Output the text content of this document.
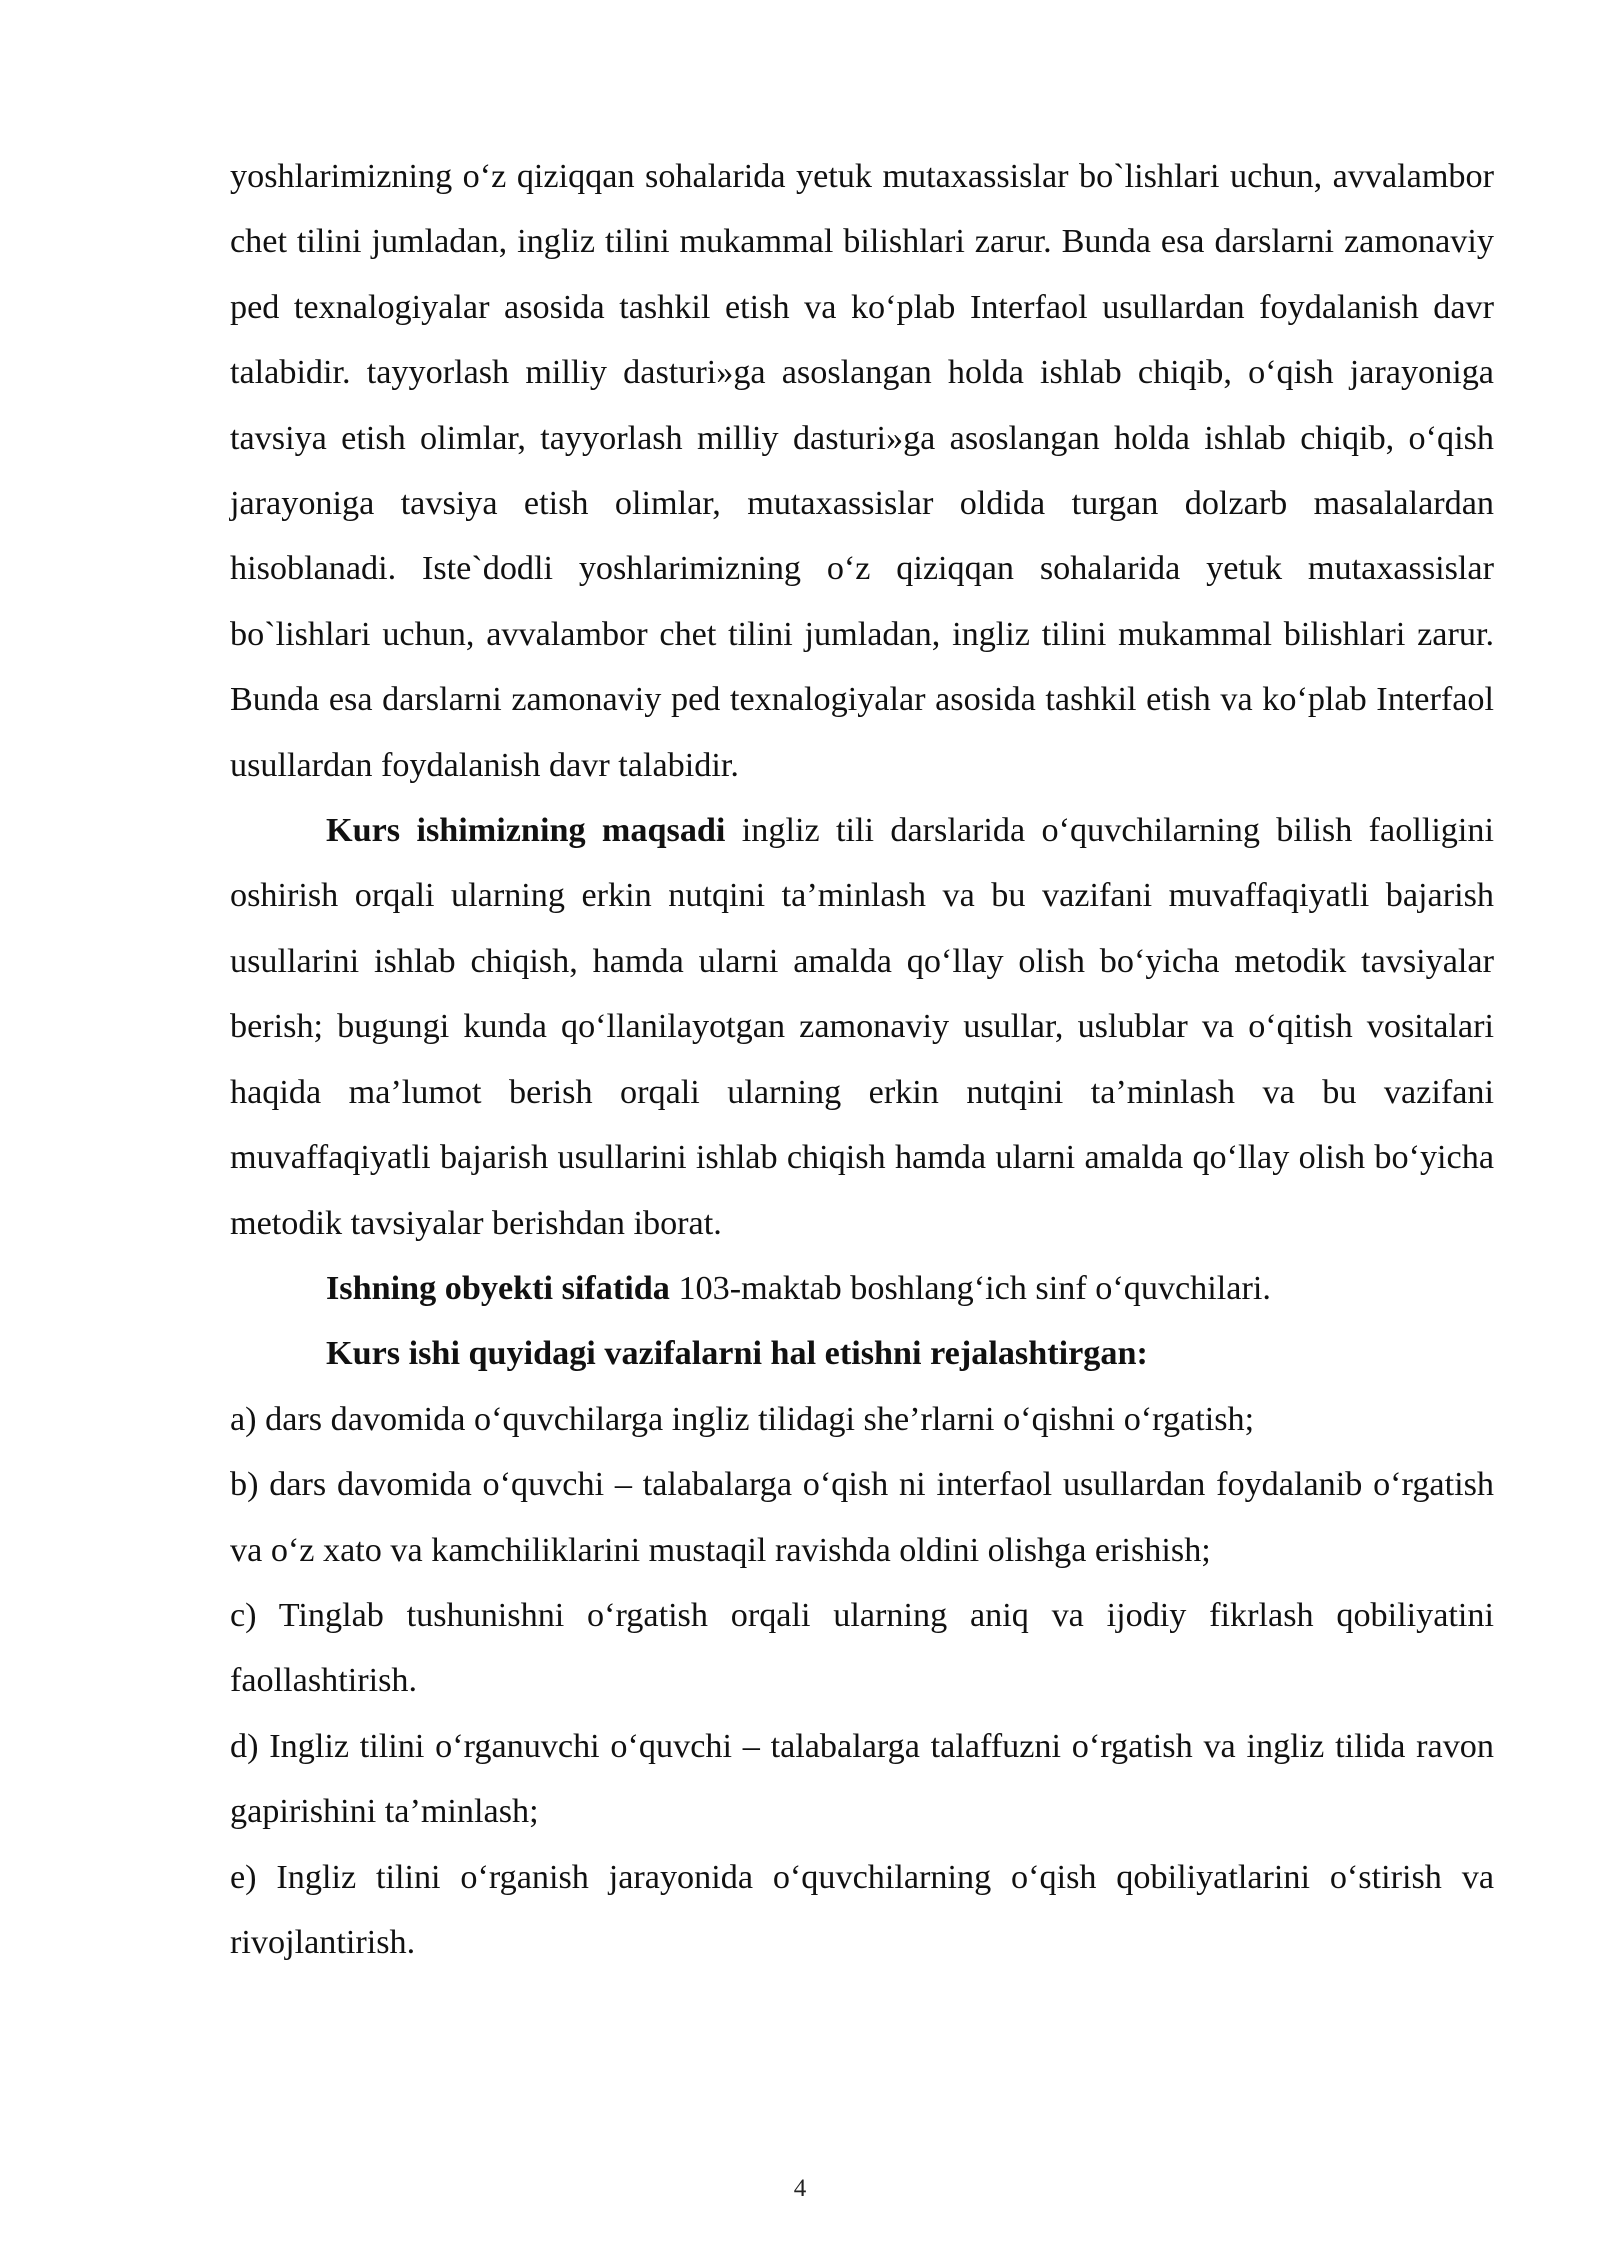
yoshlarimizning o‘z qiziqqan sohalarida yetuk mutaxassislar bo`lishlari uchun, avvalambor chet tilini jumladan, ingliz tilini mukammal bilishlari zarur. Bunda esa darslarni zamonaviy ped texnalogiyalar asosida tashkil etish va ko‘plab Interfaol usullardan foydalanish davr talabidir. tayyorlash milliy dasturi»ga asoslangan holda ishlab chiqib, o‘qish jarayoniga tavsiya etish olimlar, tayyorlash milliy dasturi»ga asoslangan holda ishlab chiqib, o‘qish jarayoniga tavsiya etish olimlar, mutaxassislar oldida turgan dolzarb masalalardan hisoblanadi. Iste`dodli yoshlarimizning o‘z qiziqqan sohalarida yetuk mutaxassislar bo`lishlari uchun, avvalambor chet tilini jumladan, ingliz tilini mukammal bilishlari zarur. Bunda esa darslarni zamonaviy ped texnalogiyalar asosida tashkil etish va ko‘plab Interfaol usullardan foydalanish davr talabidir.

Kurs ishimizning maqsadi ingliz tili darslarida o‘quvchilarning bilish faolligini oshirish orqali ularning erkin nutqini ta’minlash va bu vazifani muvaffaqiyatli bajarish usullarini ishlab chiqish, hamda ularni amalda qo‘llay olish bo‘yicha metodik tavsiyalar berish; bugungi kunda qo‘llanilayotgan zamonaviy usullar, uslublar va o‘qitish vositalari haqida ma’lumot berish orqali ularning erkin nutqini ta’minlash va bu vazifani muvaffaqiyatli bajarish usullarini ishlab chiqish hamda ularni amalda qo‘llay olish bo‘yicha metodik tavsiyalar berishdan iborat.

Ishning obyekti sifatida 103-maktab boshlang‘ich sinf o‘quvchilari.

Kurs ishi quyidagi vazifalarni hal etishni rejalashtirgan:

a) dars davomida o‘quvchilarga ingliz tilidagi she’rlarni o‘qishni o‘rgatish;

b) dars davomida o‘quvchi – talabalarga o‘qish ni interfaol usullardan foydalanib o‘rgatish va o‘z xato va kamchiliklarini mustaqil ravishda oldini olishga erishish;

c) Tinglab tushunishni o‘rgatish orqali ularning aniq va ijodiy fikrlash qobiliyatini faollashtirish.

d) Ingliz tilini o‘rganuvchi o‘quvchi – talabalarga talaffuzni o‘rgatish va ingliz tilida ravon gapirishini ta’minlash;

e) Ingliz tilini o‘rganish jarayonida o‘quvchilarning o‘qish qobiliyatlarini o‘stirish va rivojlantirish.

4
